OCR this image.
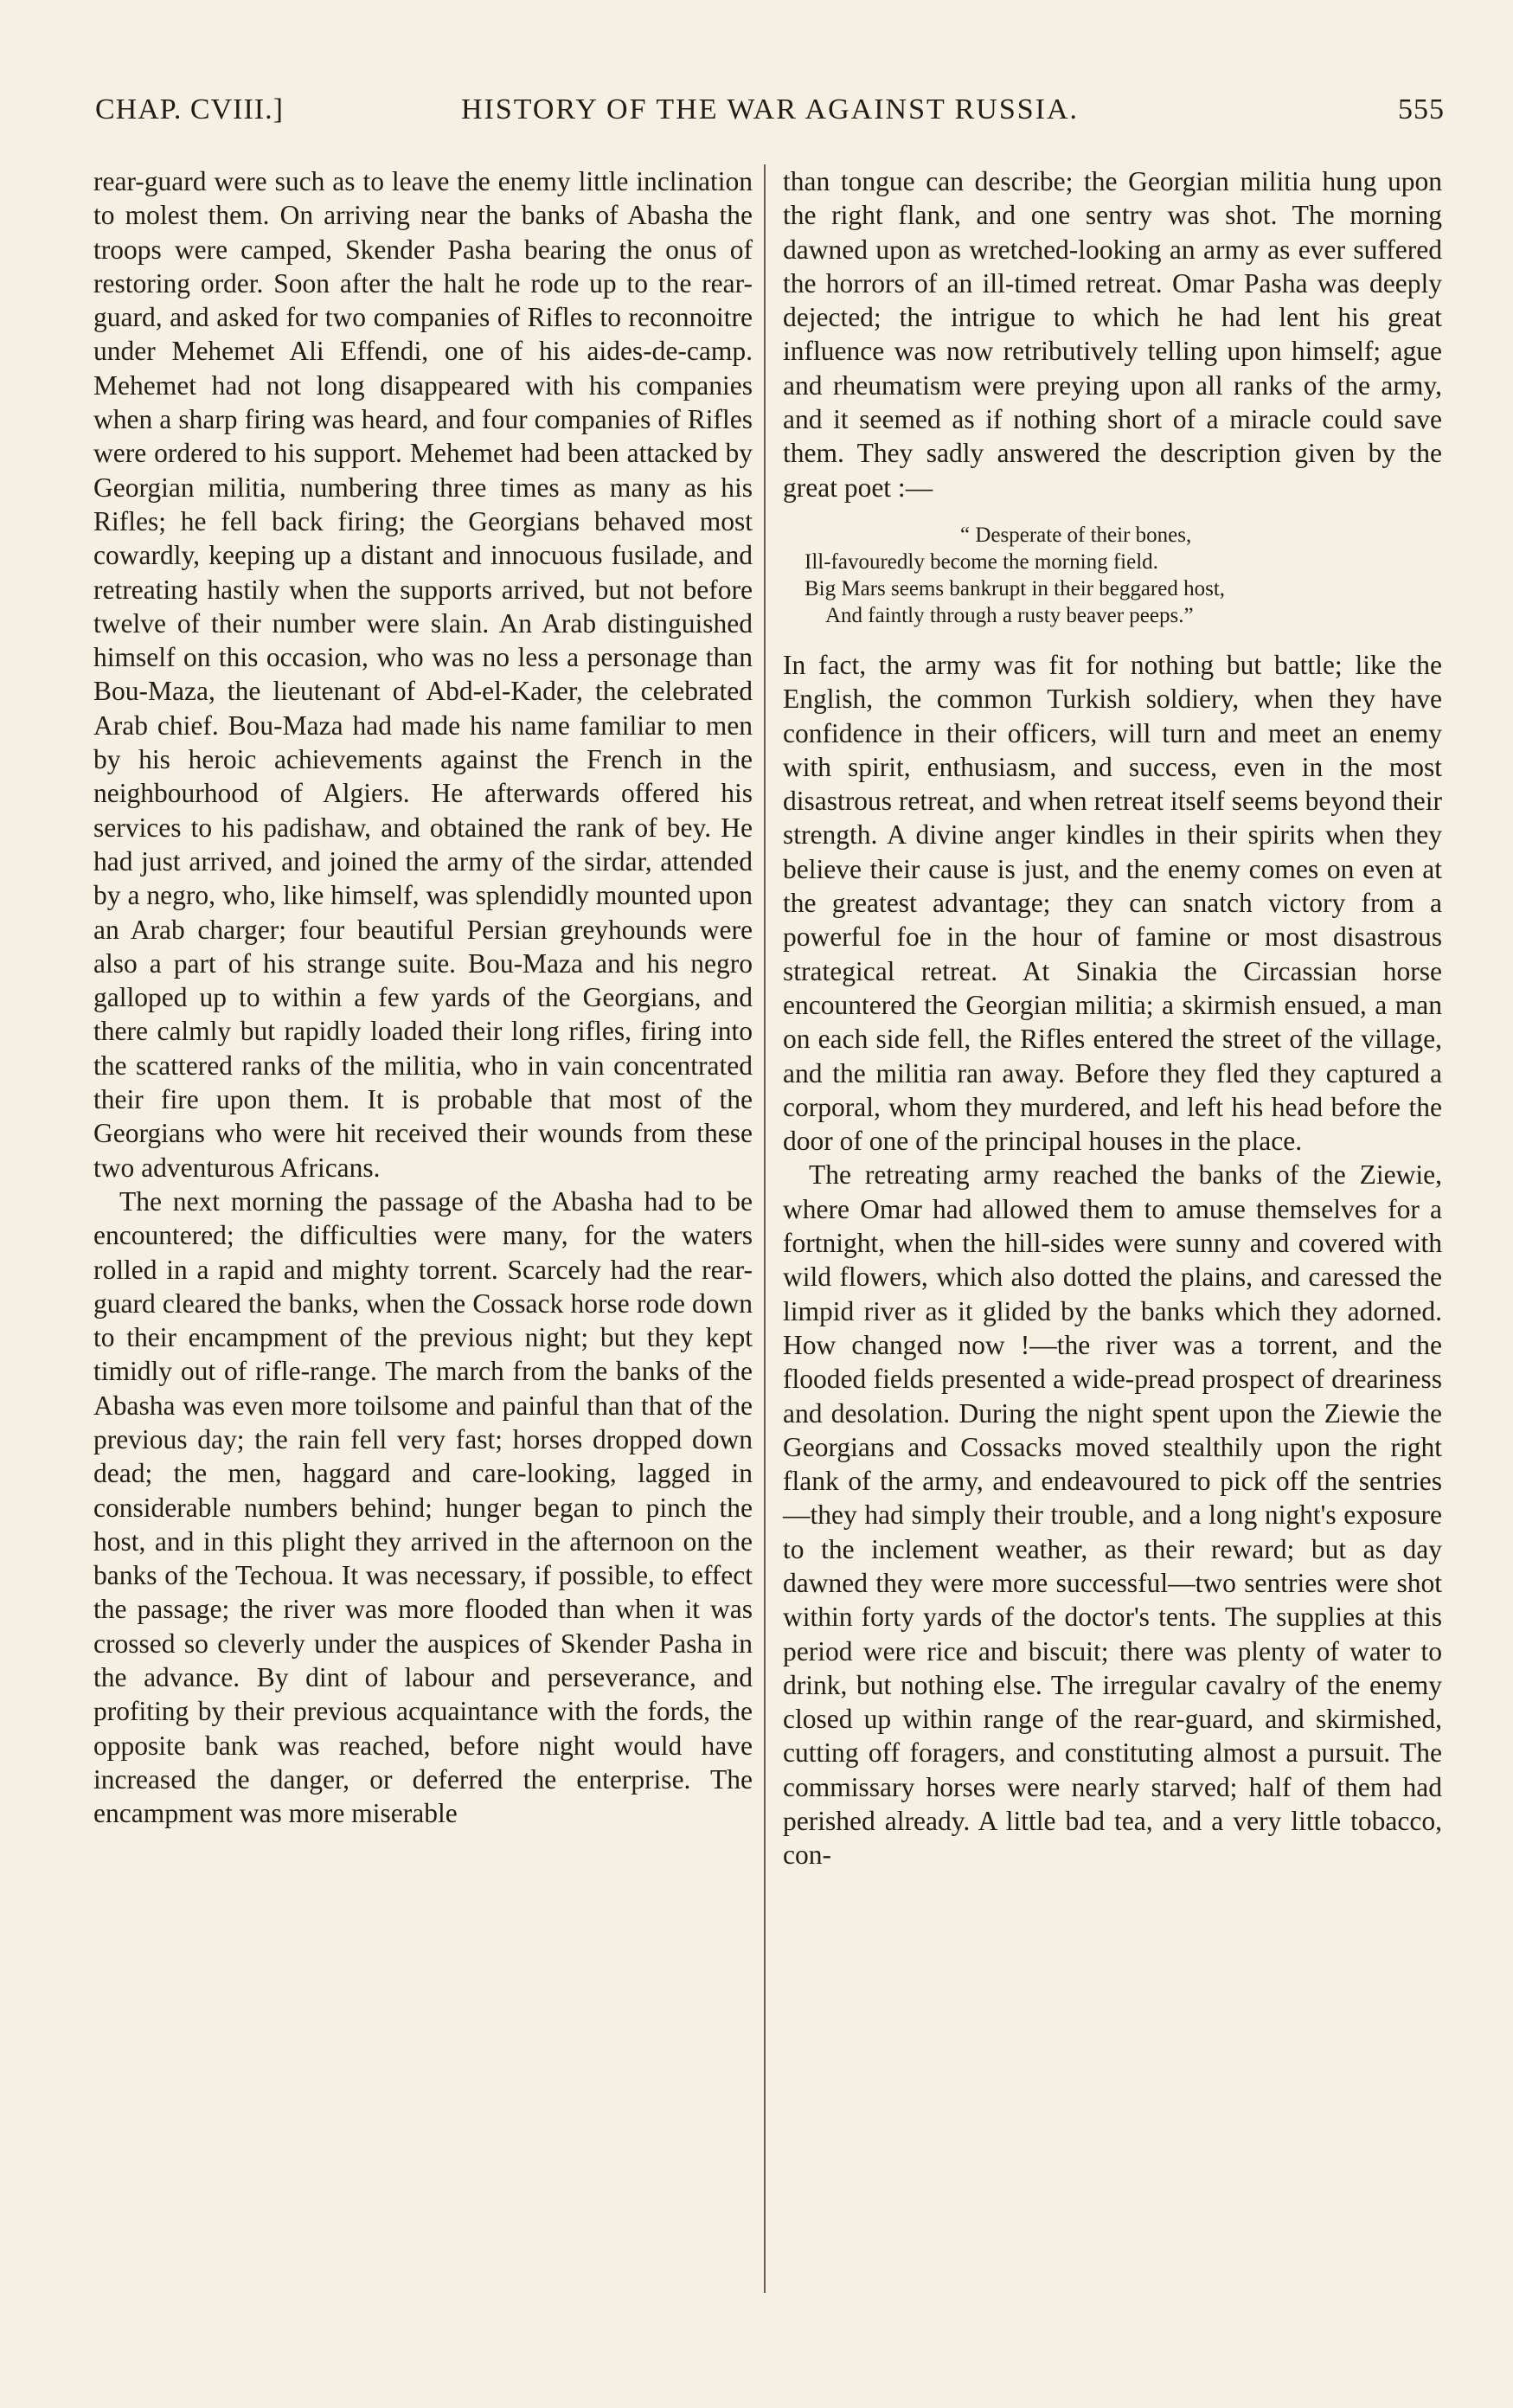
HISTORY OF THE WAR AGAINST RUSSIA.
CHAP. CVIII.]	555

rear-guard were such as to leave the enemy little inclination to molest them. On arriving near the banks of Abasha the troops were camped, Skender Pasha bearing the onus of restoring order. Soon after the halt he rode up to the rear-guard, and asked for two companies of Rifles to reconnoitre under Mehemet Ali Effendi, one of his aides-de-camp. Mehemet had not long disappeared with his companies when a sharp firing was heard, and four companies of Rifles were ordered to his support. Mehemet had been attacked by Georgian militia, numbering three times as many as his Rifles; he fell back firing; the Georgians behaved most cowardly, keeping up a distant and innocuous fusilade, and retreating hastily when the supports arrived, but not before twelve of their number were slain. An Arab distinguished himself on this occasion, who was no less a personage than Bou-Maza, the lieutenant of Abd-el-Kader, the celebrated Arab chief. Bou-Maza had made his name familiar to men by his heroic achievements against the French in the neighbourhood of Algiers. He afterwards offered his services to his padishaw, and obtained the rank of bey. He had just arrived, and joined the army of the sirdar, attended by a negro, who, like himself, was splendidly mounted upon an Arab charger; four beautiful Persian greyhounds were also a part of his strange suite. Bou-Maza and his negro galloped up to within a few yards of the Georgians, and there calmly but rapidly loaded their long rifles, firing into the scattered ranks of the militia, who in vain concentrated their fire upon them. It is probable that most of the Georgians who were hit received their wounds from these two adventurous Africans.

The next morning the passage of the Abasha had to be encountered; the difficulties were many, for the waters rolled in a rapid and mighty torrent. Scarcely had the rear-guard cleared the banks, when the Cossack horse rode down to their encampment of the previous night; but they kept timidly out of rifle-range. The march from the banks of the Abasha was even more toilsome and painful than that of the previous day; the rain fell very fast; horses dropped down dead; the men, haggard and care-looking, lagged in considerable numbers behind; hunger began to pinch the host, and in this plight they arrived in the afternoon on the banks of the Techoua. It was necessary, if possible, to effect the passage; the river was more flooded than when it was crossed so cleverly under the auspices of Skender Pasha in the advance. By dint of labour and perseverance, and profiting by their previous acquaintance with the fords, the opposite bank was reached, before night would have increased the danger, or deferred the enterprise. The encampment was more miserable

than tongue can describe; the Georgian militia hung upon the right flank, and one sentry was shot. The morning dawned upon as wretched-looking an army as ever suffered the horrors of an ill-timed retreat. Omar Pasha was deeply dejected; the intrigue to which he had lent his great influence was now retributively telling upon himself; ague and rheumatism were preying upon all ranks of the army, and it seemed as if nothing short of a miracle could save them. They sadly answered the description given by the great poet :—

“ Desperate of their bones,
Ill-favouredly become the morning field.
Big Mars seems bankrupt in their beggared host,
And faintly through a rusty beaver peeps.”

In fact, the army was fit for nothing but battle; like the English, the common Turkish soldiery, when they have confidence in their officers, will turn and meet an enemy with spirit, enthusiasm, and success, even in the most disastrous retreat, and when retreat itself seems beyond their strength. A divine anger kindles in their spirits when they believe their cause is just, and the enemy comes on even at the greatest advantage; they can snatch victory from a powerful foe in the hour of famine or most disastrous strategical retreat. At Sinakia the Circassian horse encountered the Georgian militia; a skirmish ensued, a man on each side fell, the Rifles entered the street of the village, and the militia ran away. Before they fled they captured a corporal, whom they murdered, and left his head before the door of one of the principal houses in the place.

The retreating army reached the banks of the Ziewie, where Omar had allowed them to amuse themselves for a fortnight, when the hill-sides were sunny and covered with wild flowers, which also dotted the plains, and caressed the limpid river as it glided by the banks which they adorned. How changed now !—the river was a torrent, and the flooded fields presented a wide-pread prospect of dreariness and desolation. During the night spent upon the Ziewie the Georgians and Cossacks moved stealthily upon the right flank of the army, and endeavoured to pick off the sentries—they had simply their trouble, and a long night's exposure to the inclement weather, as their reward; but as day dawned they were more successful—two sentries were shot within forty yards of the doctor's tents. The supplies at this period were rice and biscuit; there was plenty of water to drink, but nothing else. The irregular cavalry of the enemy closed up within range of the rear-guard, and skirmished, cutting off foragers, and constituting almost a pursuit. The commissary horses were nearly starved; half of them had perished already. A little bad tea, and a very little tobacco, con-
